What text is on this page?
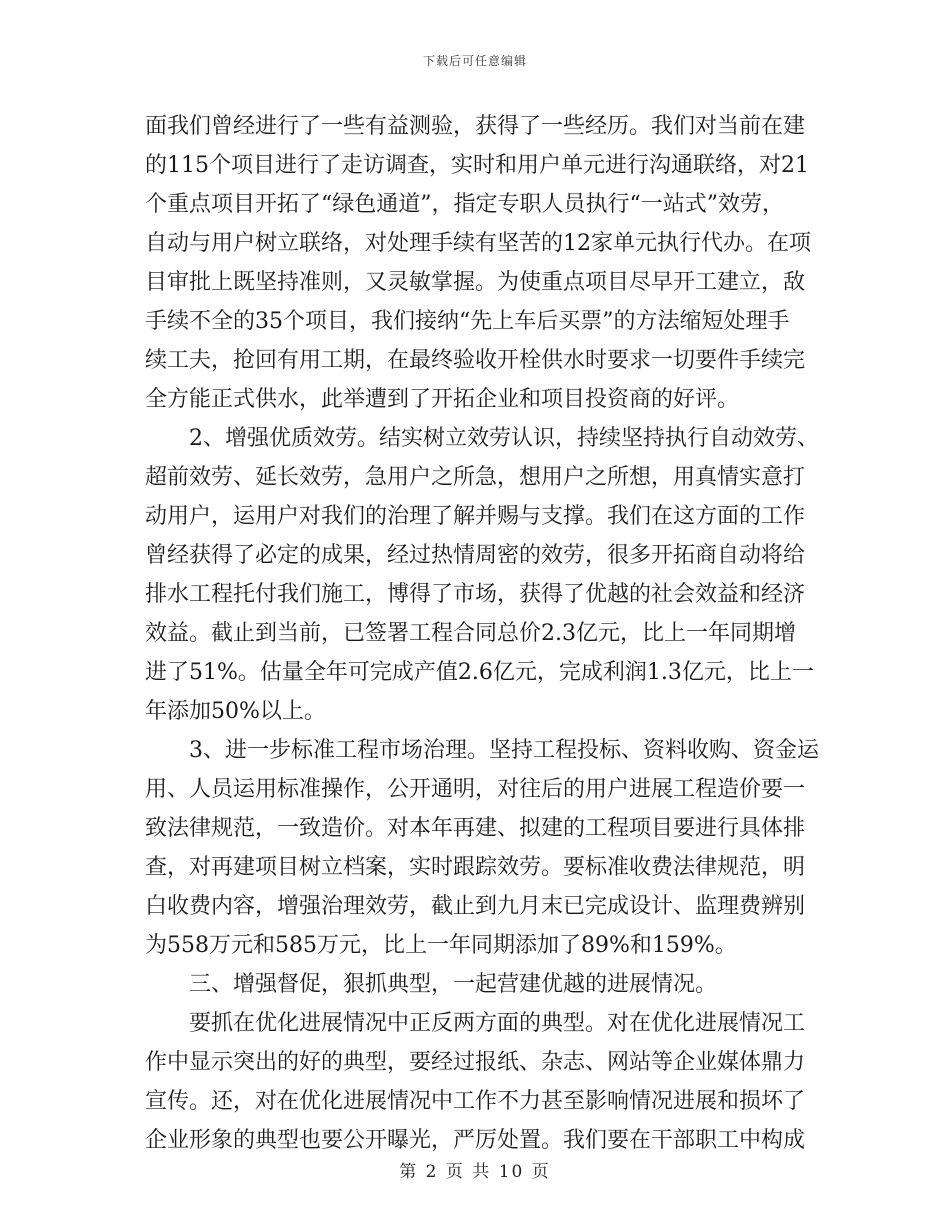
下载后可任意编辑

面我们曾经进行了一些有益测验，获得了一些经历。我们对当前在建

的115个项目进行了走访调查，实时和用户单元进行沟通联络，对21

个重点项目开拓了“绿色通道”，指定专职人员执行“一站式”效劳，

自动与用户树立联络，对处理手续有坚苦的12家单元执行代办。在项

目审批上既坚持准则，又灵敏掌握。为使重点项目尽早开工建立，敌

手续不全的35个项目，我们接纳“先上车后买票”的方法缩短处理手

续工夫，抢回有用工期，在最终验收开栓供水时要求一切要件手续完

全方能正式供水，此举遭到了开拓企业和项目投资商的好评。

2、增强优质效劳。结实树立效劳认识，持续坚持执行自动效劳、

超前效劳、延长效劳，急用户之所急，想用户之所想，用真情实意打

动用户，运用户对我们的治理了解并赐与支撑。我们在这方面的工作

曾经获得了必定的成果，经过热情周密的效劳，很多开拓商自动将给

排水工程托付我们施工，博得了市场，获得了优越的社会效益和经济

效益。截止到当前，已签署工程合同总价2.3亿元，比上一年同期增

进了51%。估量全年可完成产值2.6亿元，完成利润1.3亿元，比上一

年添加50%以上。

3、进一步标准工程市场治理。坚持工程投标、资料收购、资金运

用、人员运用标准操作，公开通明，对往后的用户进展工程造价要一

致法律规范，一致造价。对本年再建、拟建的工程项目要进行具体排

查，对再建项目树立档案，实时跟踪效劳。要标准收费法律规范，明

白收费内容，增强治理效劳，截止到九月末已完成设计、监理费辨别

为558万元和585万元，比上一年同期添加了89%和159%。

三、增强督促，狠抓典型，一起营建优越的进展情况。

要抓在优化进展情况中正反两方面的典型。对在优化进展情况工

作中显示突出的好的典型，要经过报纸、杂志、网站等企业媒体鼎力

宣传。还，对在优化进展情况中工作不力甚至影响情况进展和损坏了

企业形象的典型也要公开曝光，严厉处置。我们要在干部职工中构成

第 2 页 共 10 页
